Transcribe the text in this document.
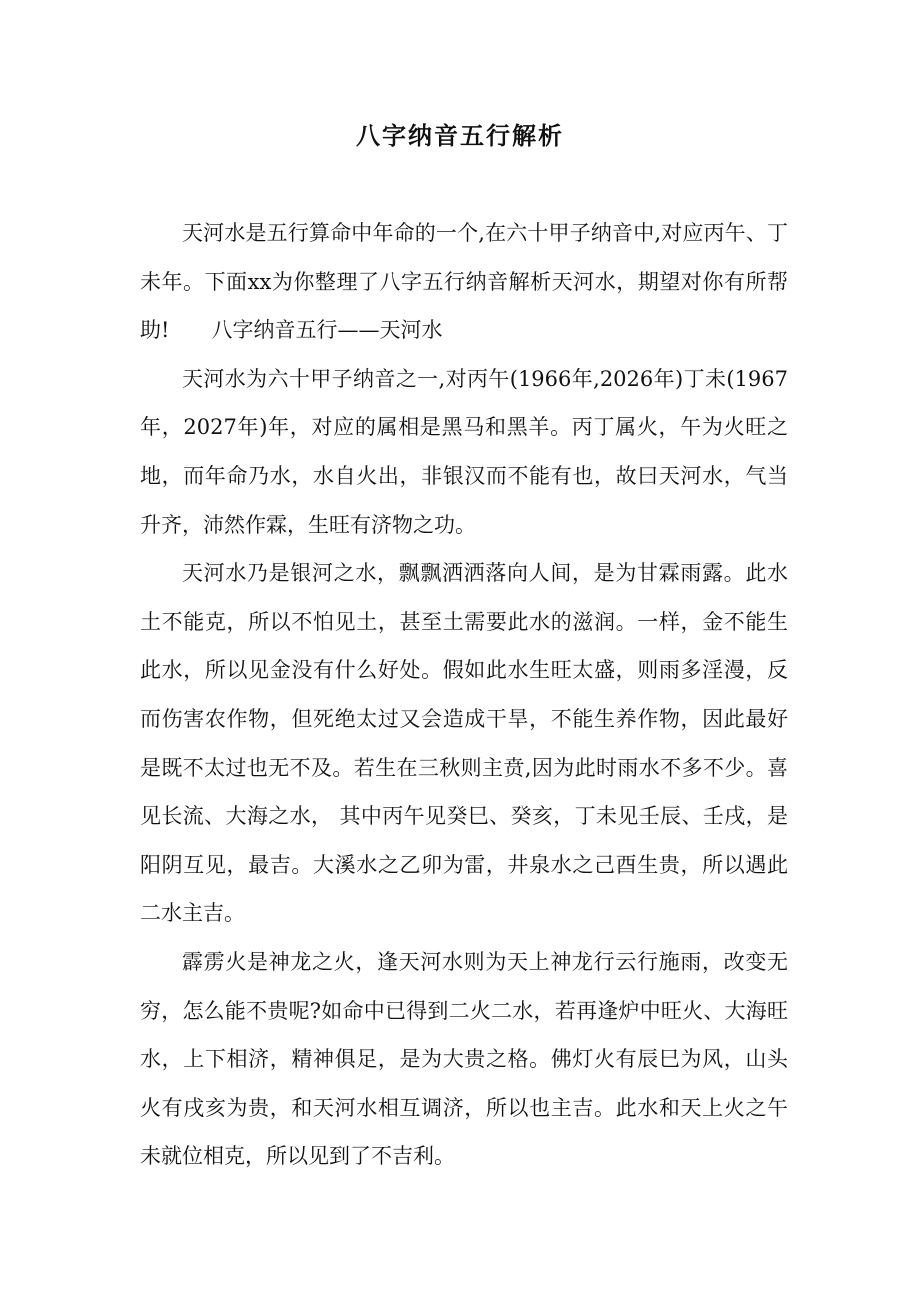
八字纳音五行解析

天河水是五行算命中年命的一个,在六十甲子纳音中,对应丙午、丁未年。下面xx为你整理了八字五行纳音解析天河水，期望对你有所帮助! 八字纳音五行——天河水

天河水为六十甲子纳音之一,对丙午(1966年,2026年)丁未(1967年，2027年)年，对应的属相是黑马和黑羊。丙丁属火，午为火旺之地，而年命乃水，水自火出，非银汉而不能有也，故曰天河水，气当升齐，沛然作霖，生旺有济物之功。

天河水乃是银河之水，飘飘洒洒落向人间，是为甘霖雨露。此水土不能克，所以不怕见土，甚至土需要此水的滋润。一样，金不能生此水，所以见金没有什么好处。假如此水生旺太盛，则雨多淫漫，反而伤害农作物，但死绝太过又会造成干旱，不能生养作物，因此最好是既不太过也无不及。若生在三秋则主贲,因为此时雨水不多不少。喜见长流、大海之水， 其中丙午见癸巳、癸亥，丁未见壬辰、壬戌，是阳阴互见，最吉。大溪水之乙卯为雷，井泉水之己酉生贵，所以遇此二水主吉。

霹雳火是神龙之火，逢天河水则为天上神龙行云行施雨，改变无穷，怎么能不贵呢?如命中已得到二火二水，若再逢炉中旺火、大海旺水，上下相济，精神俱足，是为大贵之格。佛灯火有辰巳为风，山头火有戌亥为贵，和天河水相互调济，所以也主吉。此水和天上火之午未就位相克，所以见到了不吉利。
